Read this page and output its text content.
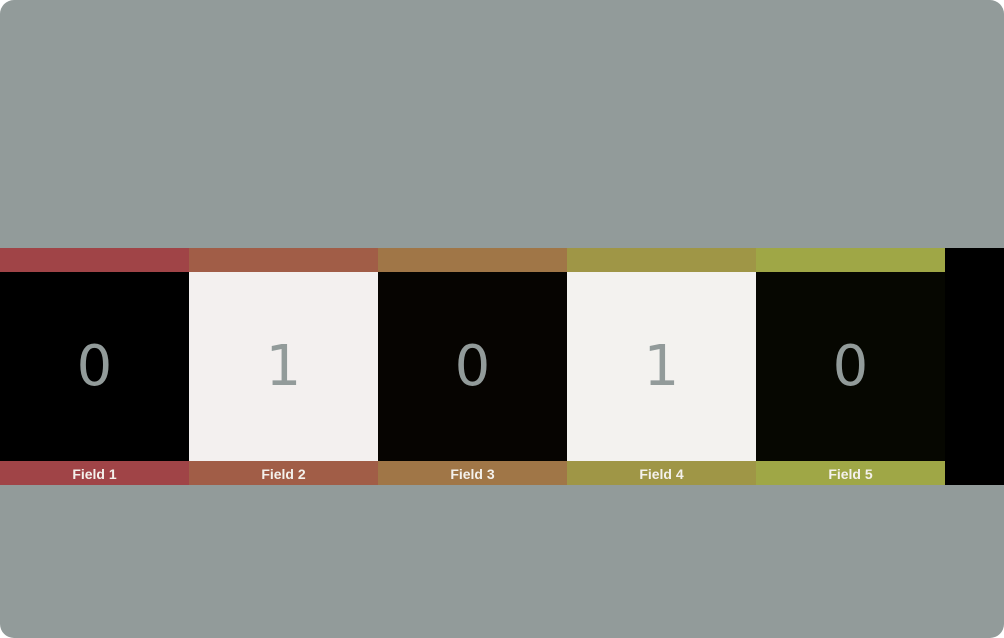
0
Field 1
1
Field 2
0
Field 3
1
Field 4
0
Field 5
